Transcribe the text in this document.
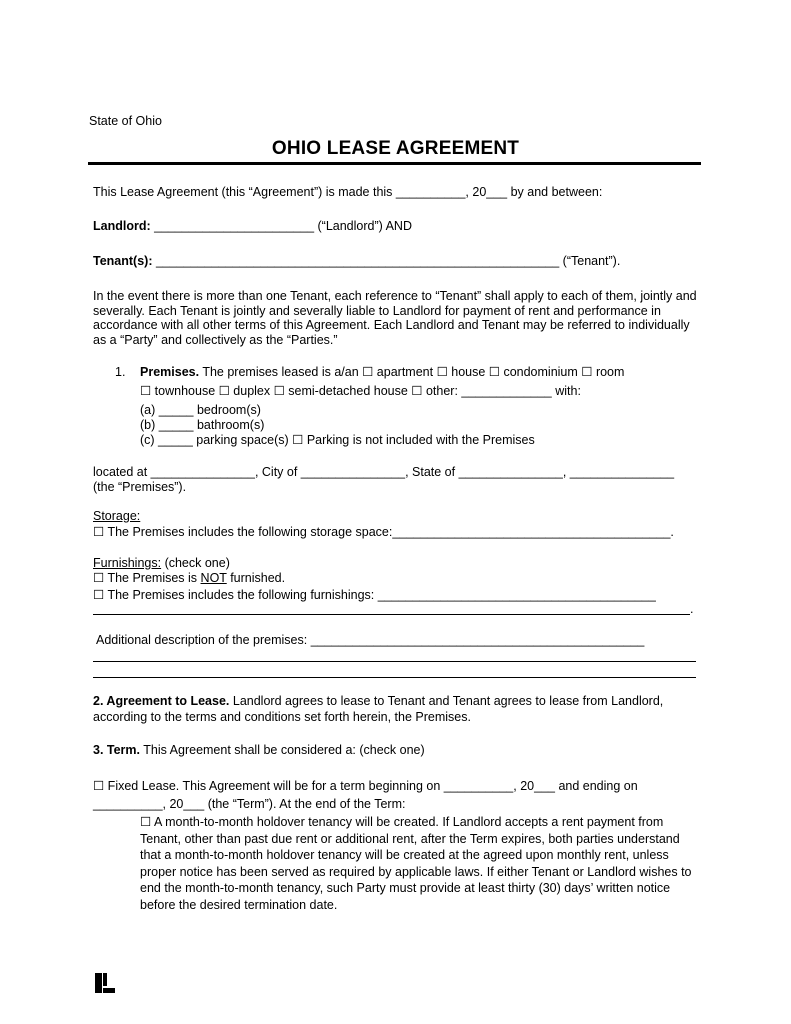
State of Ohio
OHIO LEASE AGREEMENT
This Lease Agreement (this “Agreement”) is made this __________, 20___ by and between:
Landlord: _______________________ (“Landlord”) AND
Tenant(s): __________________________________________________________ (“Tenant”).
In the event there is more than one Tenant, each reference to “Tenant” shall apply to each of them, jointly and severally. Each Tenant is jointly and severally liable to Landlord for payment of rent and performance in accordance with all other terms of this Agreement. Each Landlord and Tenant may be referred to individually as a “Party” and collectively as the “Parties.”
1. Premises. The premises leased is a/an ☐ apartment ☐ house ☐ condominium ☐ room
☐ townhouse ☐ duplex ☐ semi-detached house ☐ other: _____________ with:
(a) _____ bedroom(s)
(b) _____ bathroom(s)
(c) _____ parking space(s) ☐ Parking is not included with the Premises
located at _______________, City of _______________, State of _______________, _______________
(the “Premises”).
Storage:
☐ The Premises includes the following storage space:________________________________________.
Furnishings: (check one)
☐ The Premises is NOT furnished.
☐ The Premises includes the following furnishings: ________________________________________
.
Additional description of the premises: ________________________________________________
2. Agreement to Lease. Landlord agrees to lease to Tenant and Tenant agrees to lease from Landlord, according to the terms and conditions set forth herein, the Premises.
3. Term. This Agreement shall be considered a: (check one)
☐ Fixed Lease. This Agreement will be for a term beginning on __________, 20___ and ending on
__________, 20___ (the “Term”). At the end of the Term:
☐ A month-to-month holdover tenancy will be created. If Landlord accepts a rent payment from Tenant, other than past due rent or additional rent, after the Term expires, both parties understand that a month-to-month holdover tenancy will be created at the agreed upon monthly rent, unless proper notice has been served as required by applicable laws. If either Tenant or Landlord wishes to end the month-to-month tenancy, such Party must provide at least thirty (30) days’ written notice before the desired termination date.
